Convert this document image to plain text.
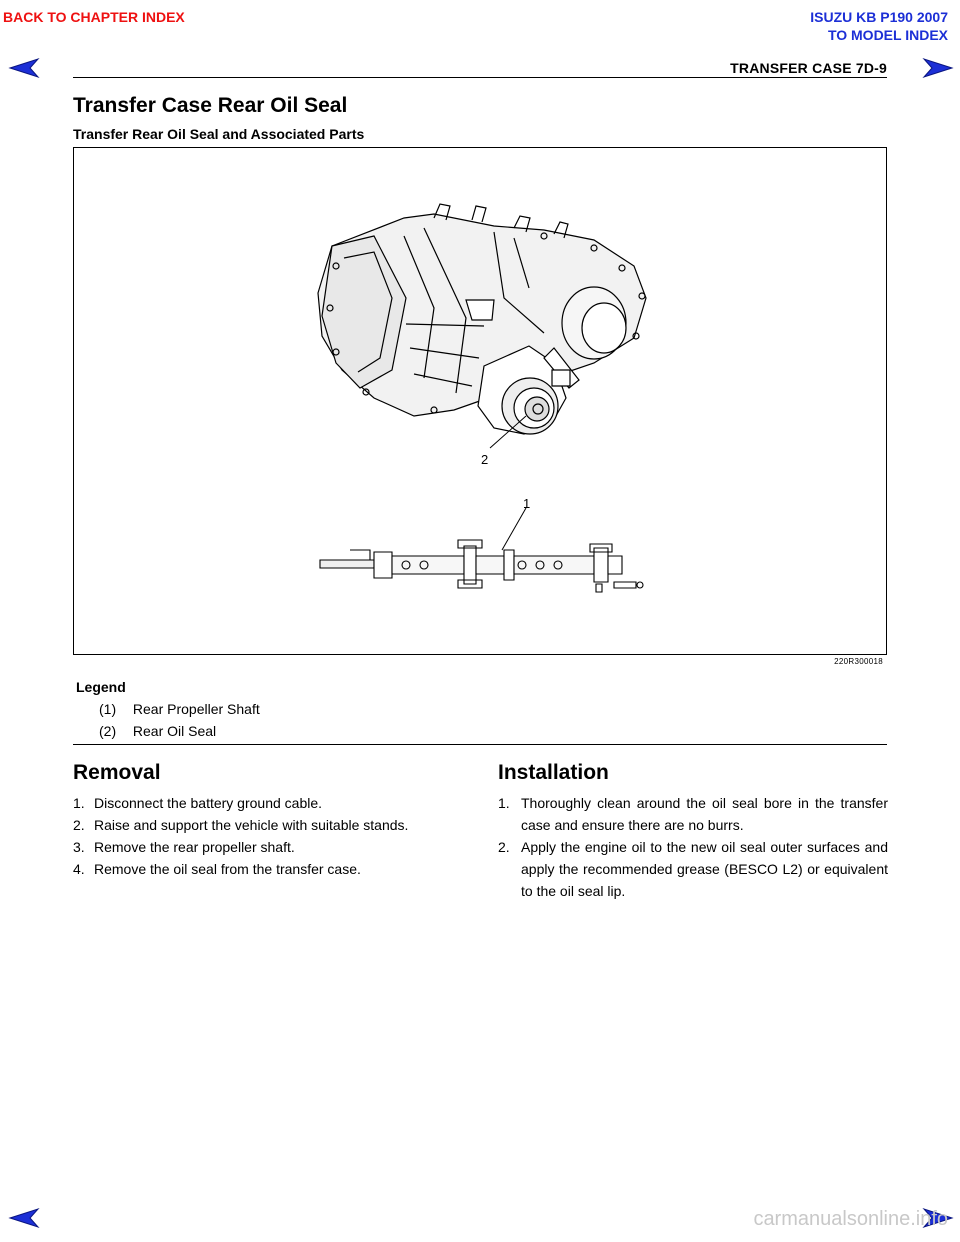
BACK TO CHAPTER INDEX	ISUZU KB P190 2007
TO MODEL INDEX
TRANSFER CASE 7D-9
Transfer Case Rear Oil Seal
Transfer Rear Oil Seal and Associated Parts
2
1
220R300018
Legend
(1) Rear Propeller Shaft
(2) Rear Oil Seal
Removal
1. Disconnect the battery ground cable.
2. Raise and support the vehicle with suitable stands.
3. Remove the rear propeller shaft.
4. Remove the oil seal from the transfer case.
Installation
1. Thoroughly clean around the oil seal bore in the transfer case and ensure there are no burrs.
2. Apply the engine oil to the new oil seal outer surfaces and apply the recommended grease (BESCO L2) or equivalent to the oil seal lip.
carmanualsonline.info
